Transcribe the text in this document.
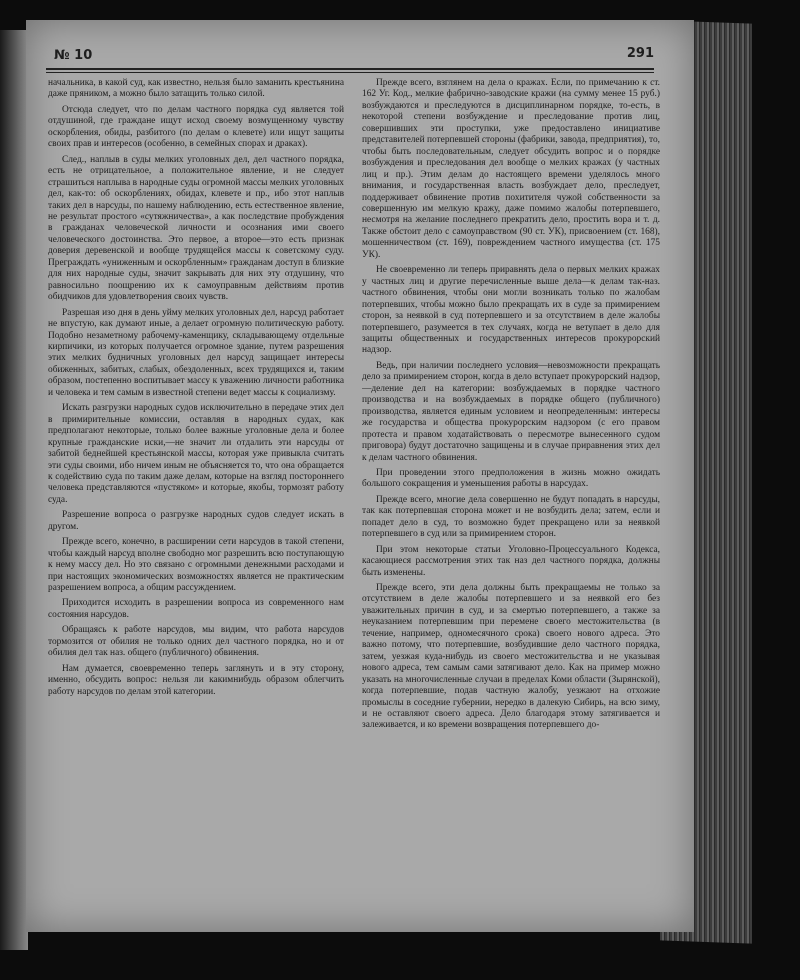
№ 10	291

начальника, в какой суд, как известно, нельзя было заманить крестьянина даже пряником, а можно было затащить только силой.

Отсюда следует, что по делам частного порядка суд является той отдушиной, где граждане ищут исход своему возмущенному чувству оскорбления, обиды, разбитого (по делам о клевете) или ищут защиты своих прав и интересов (особенно, в семейных спорах и драках).

След., наплыв в суды мелких уголовных дел, дел частного порядка, есть не отрицательное, а положительное явление, и не следует страшиться наплыва в народные суды огромной массы мелких уголовных дел, как-то: об оскорблениях, обидах, клевете и пр., ибо этот наплыв таких дел в нарсуды, по нашему наблюдению, есть естественное явление, не результат простого «сутяжничества», а как последствие пробуждения в гражданах человеческой личности и осознания ими своего человеческого достоинства. Это первое, а второе—это есть признак доверия деревенской и вообще трудящейся массы к советскому суду. Преграждать «униженным и оскорбленным» гражданам доступ в близкие для них народные суды, значит закрывать для них эту отдушину, что равносильно поощрению их к самоуправным действиям против обидчиков для удовлетворения своих чувств.

Разрешая изо дня в день уйму мелких уголовных дел, нарсуд работает не впустую, как думают иные, а делает огромную политическую работу. Подобно незаметному рабочему-каменщику, складывающему отдельные кирпичики, из которых получается огромное здание, путем разрешения этих мелких будничных уголовных дел нарсуд защищает интересы обиженных, забитых, слабых, обездоленных, всех трудящихся и, таким образом, постепенно воспитывает массу к уважению личности работника и человека и тем самым в известной степени ведет массы к социализму.

Искать разгрузки народных судов исключительно в передаче этих дел в примирительные комиссии, оставляя в народных судах, как предполагают некоторые, только более важные уголовные дела и более крупные гражданские иски,—не значит ли отдалить эти нарсуды от забитой беднейшей крестьянской массы, которая уже привыкла считать эти суды своими, ибо ничем иным не объясняется то, что она обращается к содействию суда по таким даже делам, которые на взгляд постороннего человека представляются «пустяком» и которые, якобы, тормозят работу суда.

Разрешение вопроса о разгрузке народных судов следует искать в другом.

Прежде всего, конечно, в расширении сети нарсудов в такой степени, чтобы каждый нарсуд вполне свободно мог разрешить всю поступающую к нему массу дел. Но это связано с огромными денежными расходами и при настоящих экономических возможностях является не практическим разрешением вопроса, а общим рассуждением.

Приходится исходить в разрешении вопроса из современного нам состояния нарсудов.

Обращаясь к работе нарсудов, мы видим, что работа нарсудов тормозится от обилия не только одних дел частного порядка, но и от обилия дел так наз. общего (публичного) обвинения.

Нам думается, своевременно теперь заглянуть и в эту сторону, именно, обсудить вопрос: нельзя ли какимнибудь образом облегчить работу нарсудов по делам этой категории.

Прежде всего, взглянем на дела о кражах. Если, по примечанию к ст. 162 Уг. Код., мелкие фабрично-заводские кражи (на сумму менее 15 руб.) возбуждаются и преследуются в дисциплинарном порядке, то-есть, в некоторой степени возбуждение и преследование против лиц, совершивших эти проступки, уже предоставлено инициативе представителей потерпевшей стороны (фабрики, завода, предприятия), то, чтобы быть последовательным, следует обсудить вопрос и о порядке возбуждения и преследования дел вообще о мелких кражах (у частных лиц и пр.). Этим делам до настоящего времени уделялось много внимания, и государственная власть возбуждает дело, преследует, поддерживает обвинение против похитителя чужой собственности за совершенную им мелкую кражу, даже помимо жалобы потерпевшего, несмотря на желание последнего прекратить дело, простить вора и т. д. Также обстоит дело с самоуправством (90 ст. УК), присвоением (ст. 168), мошенничеством (ст. 169), повреждением частного имущества (ст. 175 УК).

Не своевременно ли теперь приравнять дела о первых мелких кражах у частных лиц и другие перечисленные выше дела—к делам так-наз. частного обвинения, чтобы они могли возникать только по жалобам потерпевших, чтобы можно было прекращать их в суде за примирением сторон, за неявкой в суд потерпевшего и за отсутствием в деле жалобы потерпевшего, разумеется в тех случаях, когда не ветупает в дело для защиты общественных и государственных интересов прокурорский надзор.

Ведь, при наличии последнего условия—невозможности прекращать дело за примирением сторон, когда в дело вступает прокурорский надзор,—деление дел на категории: возбуждаемых в порядке частного производства и на возбуждаемых в порядке общего (публичного) производства, является единым условием и неопределенным: интересы же государства и общества прокурорским надзором (с его правом протеста и правом ходатайствовать о пересмотре вынесенного судом приговора) будут достаточно защищены и в случае приравнения этих дел к делам частного обвинения.

При проведении этого предположения в жизнь можно ожидать большого сокращения и уменьшения работы в нарсудах.

Прежде всего, многие дела совершенно не будут попадать в нарсуды, так как потерпевшая сторона может и не возбудить дела; затем, если и попадет дело в суд, то возможно будет прекращено или за неявкой потерпевшего в суд или за примирением сторон.

При этом некоторые статьи Уголовно-Процессуального Кодекса, касающиеся рассмотрения этих так наз дел частного порядка, должны быть изменены.

Прежде всего, эти дела должны быть прекращаемы не только за отсутствием в деле жалобы потерпевшего и за неявкой его без уважительных причин в суд, и за смертью потерпевшего, а также за неуказанием потерпевшим при перемене своего местожительства (в течение, например, одномесячного срока) своего нового адреса. Это важно потому, что потерпевшие, возбудившие дело частного порядка, затем, уезжая куда-нибудь из своего местожительства и не указывая нового адреса, тем самым сами затягивают дело. Как на пример можно указать на многочисленные случаи в пределах Коми области (Зырянской), когда потерпевшие, подав частную жалобу, уезжают на отхожие промыслы в соседние губернии, нередко в далекую Сибирь, на всю зиму, и не оставляют своего адреса. Дело благодаря этому затягивается и залеживается, и ко времени возвращения потерпевшего до-
